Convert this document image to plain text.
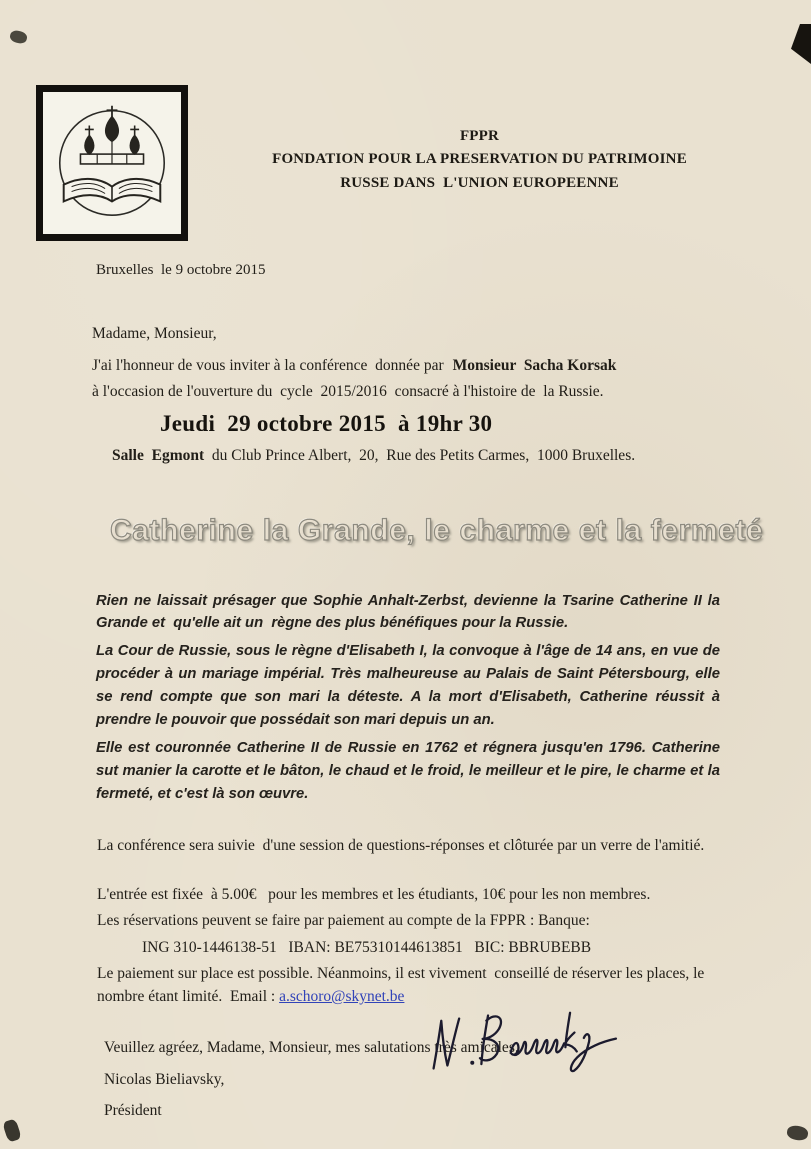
FPPR
FONDATION POUR LA PRESERVATION DU PATRIMOINE
RUSSE DANS  L'UNION EUROPEENNE
Bruxelles  le 9 octobre 2015
Madame, Monsieur,
J'ai l'honneur de vous inviter à la conférence  donnée par Monsieur  Sacha Korsak
à l'occasion de l'ouverture du  cycle  2015/2016  consacré à l'histoire de  la Russie.
Jeudi  29 octobre 2015  à 19hr 30
Salle  Egmont  du Club Prince Albert,  20,  Rue des Petits Carmes,  1000 Bruxelles.
Catherine la Grande, le charme et la fermeté

Rien ne laissait présager que Sophie Anhalt-Zerbst, devienne la Tsarine Catherine II la Grande et  qu'elle ait un  règne des plus bénéfiques pour la Russie.

La Cour de Russie, sous le règne d'Elisabeth I, la convoque à l'âge de 14 ans, en vue de procéder à un mariage impérial. Très malheureuse au Palais de Saint Pétersbourg, elle se rend compte que son mari la déteste. A la mort d'Elisabeth, Catherine réussit à prendre le pouvoir que possédait son mari depuis un an.

Elle est couronnée Catherine II de Russie en 1762 et régnera jusqu'en 1796. Catherine sut manier la carotte et le bâton, le chaud et le froid, le meilleur et le pire, le charme et la fermeté, et c'est là son œuvre.

La conférence sera suivie  d'une session de questions-réponses et clôturée par un verre de l'amitié.
L'entrée est fixée  à 5.00€   pour les membres et les étudiants, 10€ pour les non membres.
Les réservations peuvent se faire par paiement au compte de la FPPR : Banque:
ING 310-1446138-51   IBAN: BE75310144613851   BIC: BBRUBEBB
Le paiement sur place est possible. Néanmoins, il est vivement  conseillé de réserver les places, le nombre étant limité.  Email : a.schoro@skynet.be
Veuillez agréez, Madame, Monsieur, mes salutations très amicales.
Nicolas Bieliavsky,
Président
